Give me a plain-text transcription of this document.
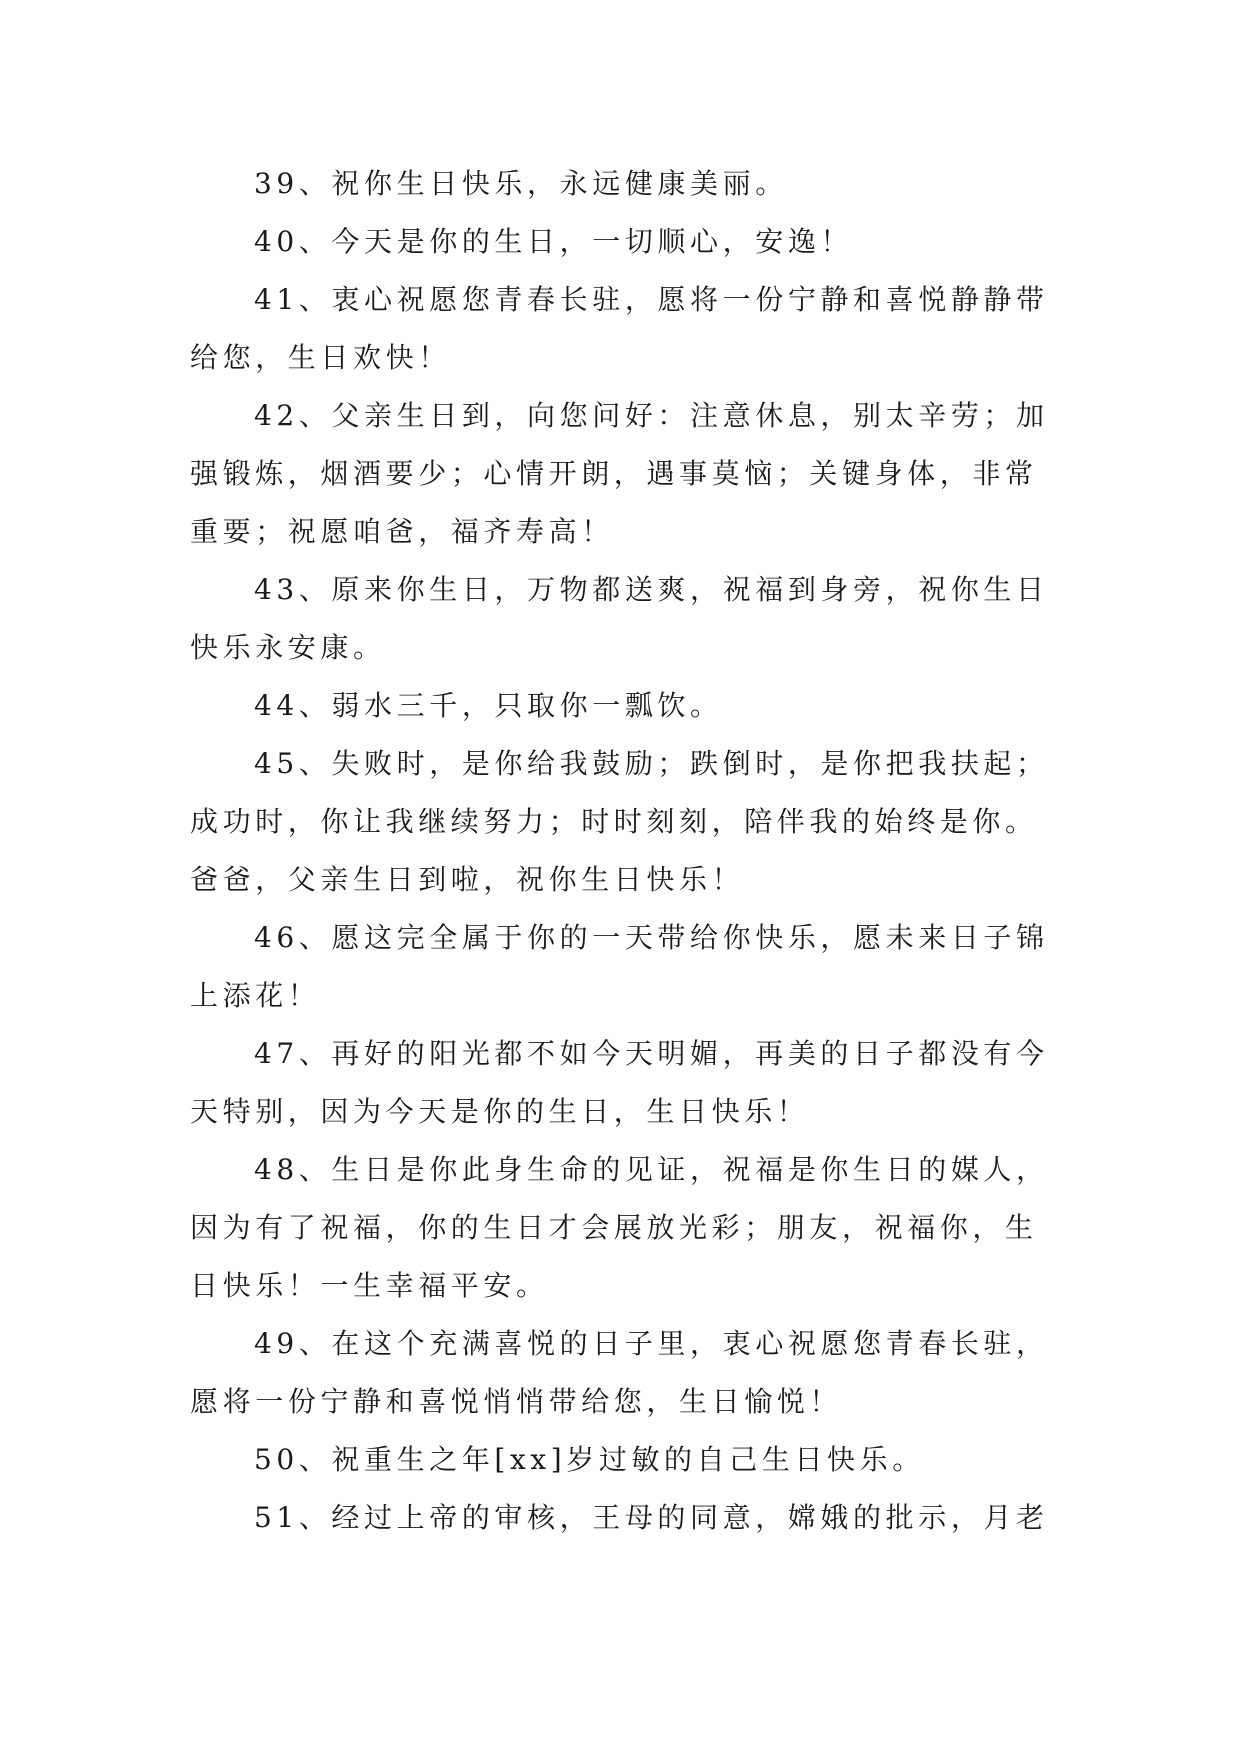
39、祝你生日快乐，永远健康美丽。

40、今天是你的生日，一切顺心，安逸！

41、衷心祝愿您青春长驻，愿将一份宁静和喜悦静静带给您，生日欢快！

42、父亲生日到，向您问好：注意休息，别太辛劳；加强锻炼，烟酒要少；心情开朗，遇事莫恼；关键身体，非常重要；祝愿咱爸，福齐寿高！

43、原来你生日，万物都送爽，祝福到身旁，祝你生日快乐永安康。

44、弱水三千，只取你一瓢饮。

45、失败时，是你给我鼓励；跌倒时，是你把我扶起；成功时，你让我继续努力；时时刻刻，陪伴我的始终是你。爸爸，父亲生日到啦，祝你生日快乐！

46、愿这完全属于你的一天带给你快乐，愿未来日子锦上添花！

47、再好的阳光都不如今天明媚，再美的日子都没有今天特别，因为今天是你的生日，生日快乐！

48、生日是你此身生命的见证，祝福是你生日的媒人，因为有了祝福，你的生日才会展放光彩；朋友，祝福你，生日快乐！一生幸福平安。

49、在这个充满喜悦的日子里，衷心祝愿您青春长驻，愿将一份宁静和喜悦悄悄带给您，生日愉悦！

50、祝重生之年[xx]岁过敏的自己生日快乐。

51、经过上帝的审核，王母的同意，嫦娥的批示，月老
